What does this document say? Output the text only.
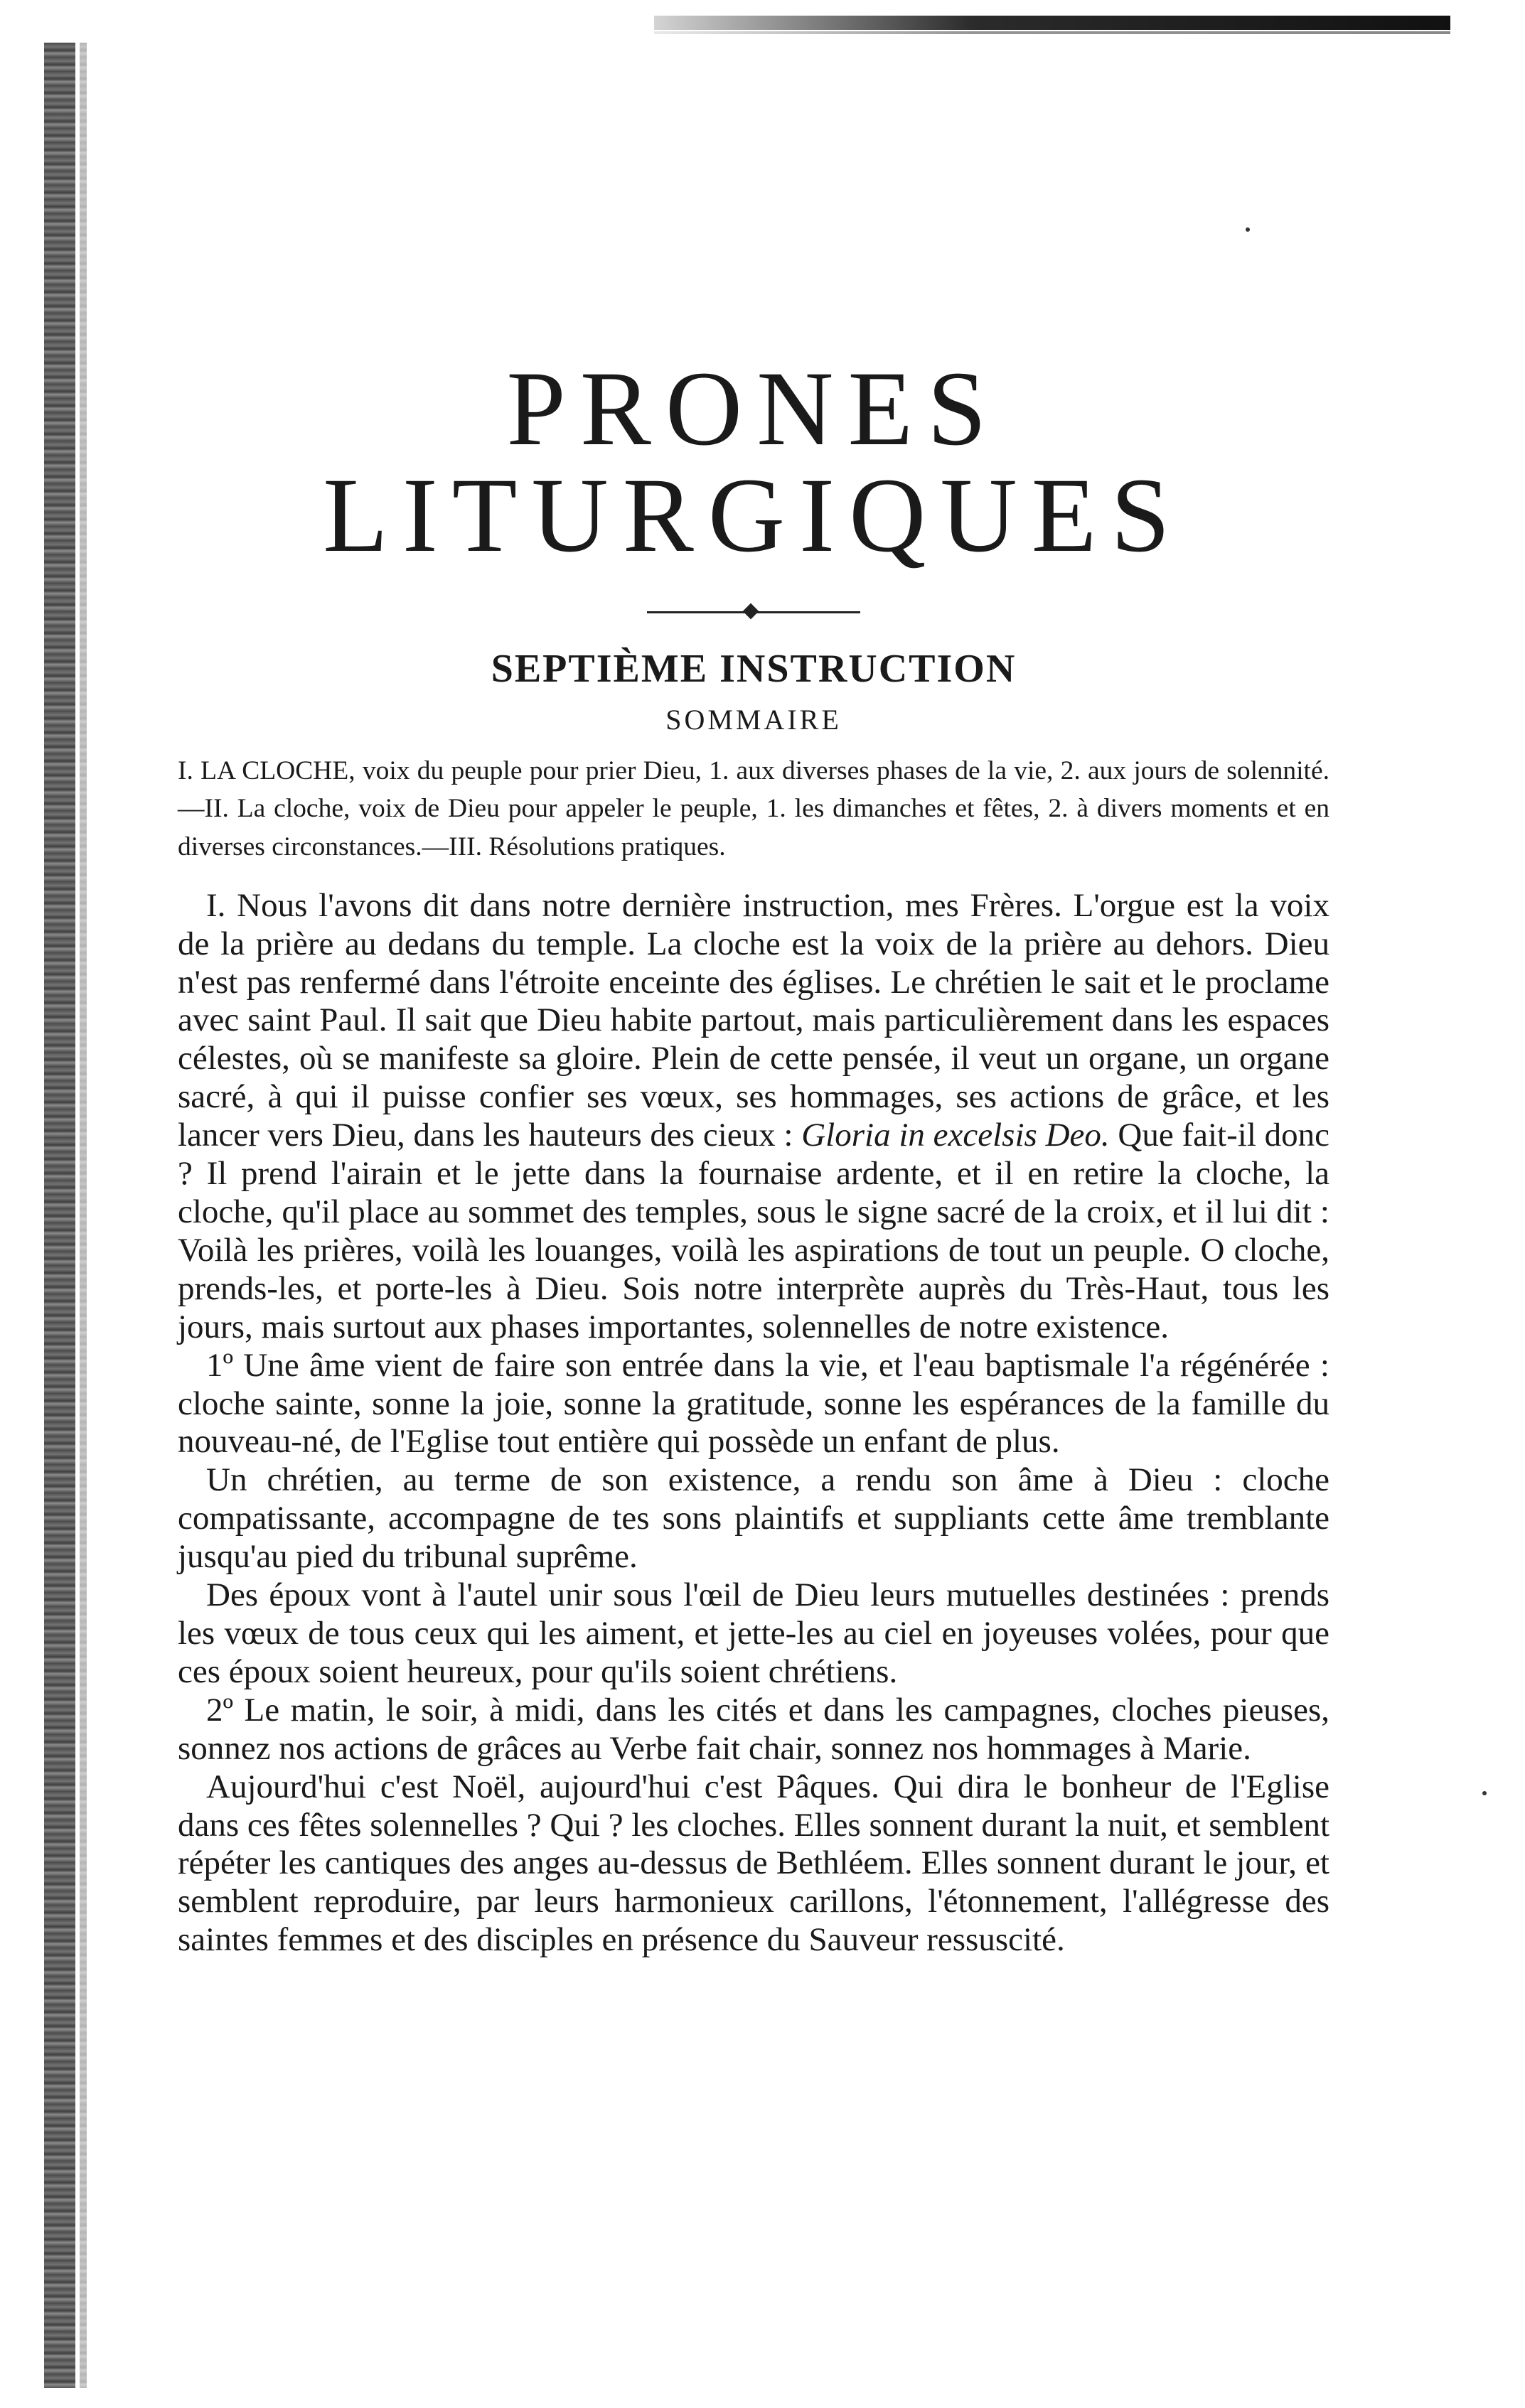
PRONES LITURGIQUES
SEPTIÈME INSTRUCTION
SOMMAIRE

I. LA CLOCHE, voix du peuple pour prier Dieu, 1. aux diverses phases de la vie, 2. aux jours de solennité.—II. La cloche, voix de Dieu pour appeler le peuple, 1. les dimanches et fêtes, 2. à divers moments et en diverses circonstances.—III. Résolutions pratiques.

I. Nous l'avons dit dans notre dernière instruction, mes Frères. L'orgue est la voix de la prière au dedans du temple. La cloche est la voix de la prière au dehors. Dieu n'est pas renfermé dans l'étroite enceinte des églises. Le chrétien le sait et le proclame avec saint Paul. Il sait que Dieu habite partout, mais particulièrement dans les espaces célestes, où se manifeste sa gloire. Plein de cette pensée, il veut un organe, un organe sacré, à qui il puisse confier ses vœux, ses hommages, ses actions de grâce, et les lancer vers Dieu, dans les hauteurs des cieux : Gloria in excelsis Deo. Que fait-il donc ? Il prend l'airain et le jette dans la fournaise ardente, et il en retire la cloche, la cloche, qu'il place au sommet des temples, sous le signe sacré de la croix, et il lui dit : Voilà les prières, voilà les louanges, voilà les aspirations de tout un peuple. O cloche, prends-les, et porte-les à Dieu. Sois notre interprète auprès du Très-Haut, tous les jours, mais surtout aux phases importantes, solennelles de notre existence.

1º Une âme vient de faire son entrée dans la vie, et l'eau baptismale l'a régénérée : cloche sainte, sonne la joie, sonne la gratitude, sonne les espérances de la famille du nouveau-né, de l'Eglise tout entière qui possède un enfant de plus.

Un chrétien, au terme de son existence, a rendu son âme à Dieu : cloche compatissante, accompagne de tes sons plaintifs et suppliants cette âme tremblante jusqu'au pied du tribunal suprême.

Des époux vont à l'autel unir sous l'œil de Dieu leurs mutuelles destinées : prends les vœux de tous ceux qui les aiment, et jette-les au ciel en joyeuses volées, pour que ces époux soient heureux, pour qu'ils soient chrétiens.

2º Le matin, le soir, à midi, dans les cités et dans les campagnes, cloches pieuses, sonnez nos actions de grâces au Verbe fait chair, sonnez nos hommages à Marie.

Aujourd'hui c'est Noël, aujourd'hui c'est Pâques. Qui dira le bonheur de l'Eglise dans ces fêtes solennelles ? Qui ? les cloches. Elles sonnent durant la nuit, et semblent répéter les cantiques des anges au-dessus de Bethléem. Elles sonnent durant le jour, et semblent reproduire, par leurs harmonieux carillons, l'étonnement, l'allégresse des saintes femmes et des disciples en présence du Sauveur ressuscité.
